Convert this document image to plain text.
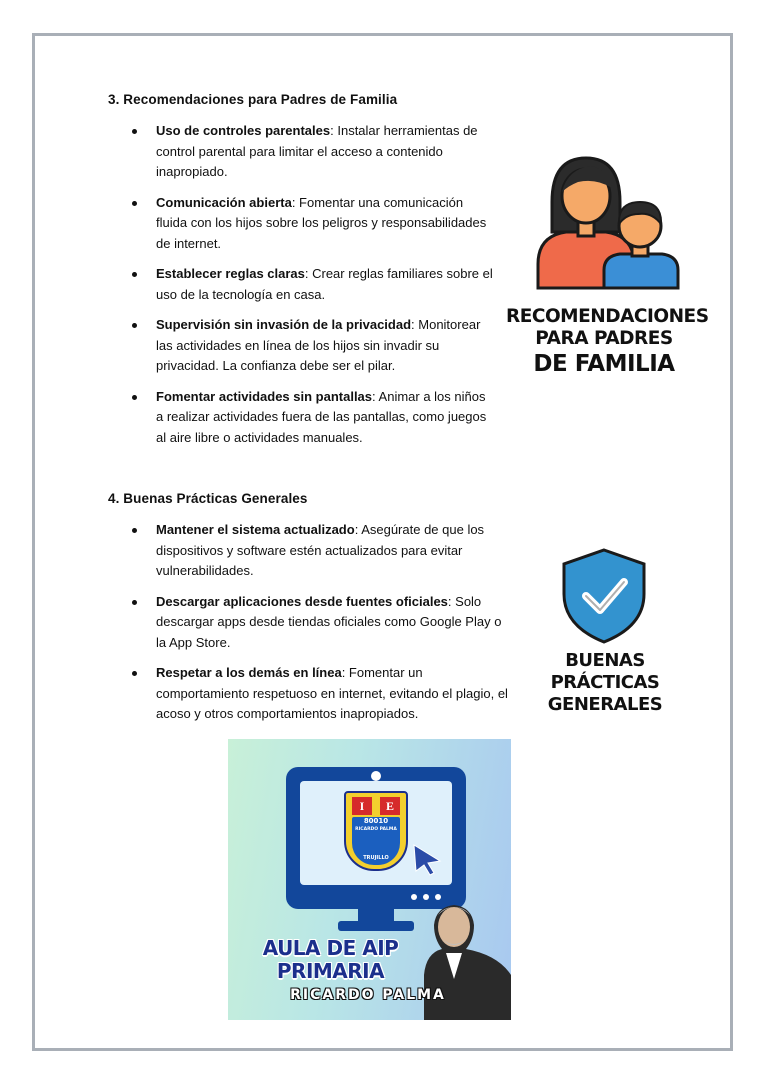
3. Recomendaciones para Padres de Familia
Uso de controles parentales: Instalar herramientas de control parental para limitar el acceso a contenido inapropiado.
Comunicación abierta: Fomentar una comunicación fluida con los hijos sobre los peligros y responsabilidades de internet.
Establecer reglas claras: Crear reglas familiares sobre el uso de la tecnología en casa.
Supervisión sin invasión de la privacidad: Monitorear las actividades en línea de los hijos sin invadir su privacidad. La confianza debe ser el pilar.
Fomentar actividades sin pantallas: Animar a los niños a realizar actividades fuera de las pantallas, como juegos al aire libre o actividades manuales.
RECOMENDACIONES
PARA PADRES
DE FAMILIA
4. Buenas Prácticas Generales
Mantener el sistema actualizado: Asegúrate de que los dispositivos y software estén actualizados para evitar vulnerabilidades.
Descargar aplicaciones desde fuentes oficiales: Solo descargar apps desde tiendas oficiales como Google Play o la App Store.
Respetar a los demás en línea: Fomentar un comportamiento respetuoso en internet, evitando el plagio, el acoso y otros comportamientos inapropiados.
BUENAS
PRÁCTICAS
GENERALES
I	E
80010
RICARDO PALMA
TRUJILLO
AULA DE AIP
PRIMARIA
RICARDO PALMA
